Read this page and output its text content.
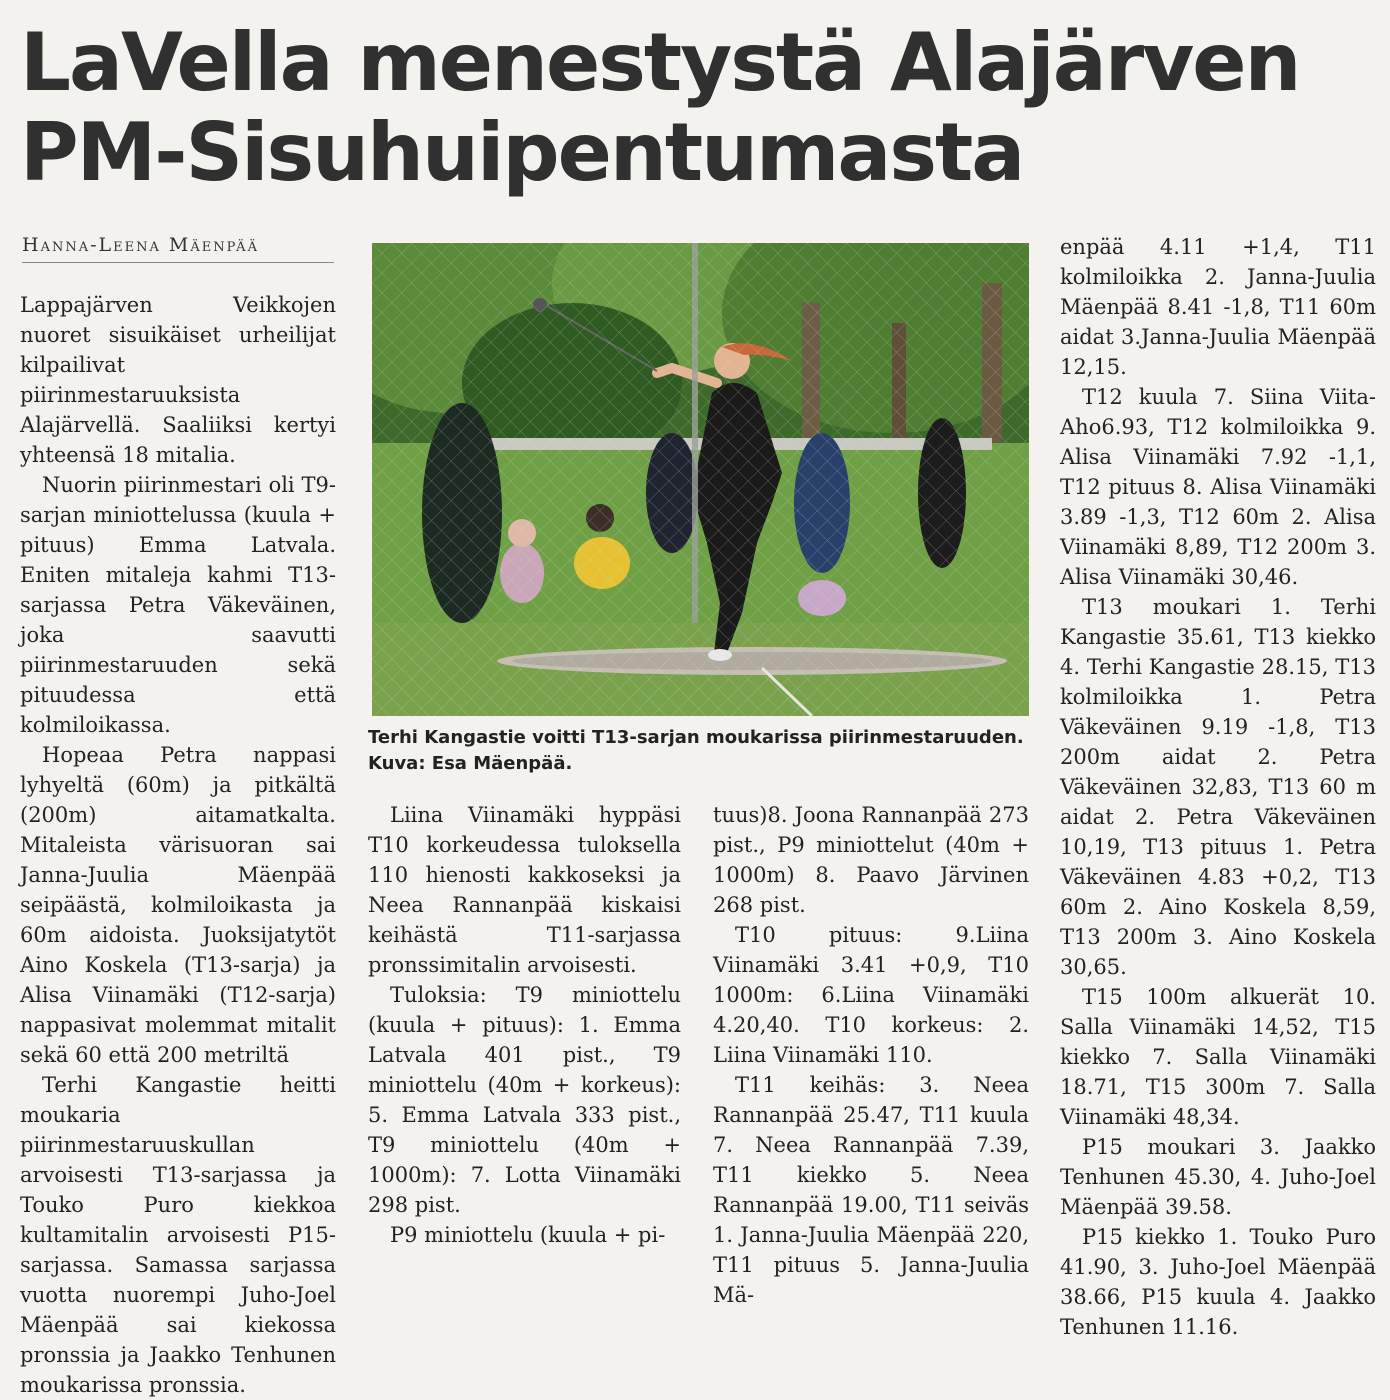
LaVella menestystä Alajärven
PM-Sisuhuipentumasta
Hanna-Leena Mäenpää

Lappajärven Veikkojen nuoret sisuikäiset urheilijat kilpailivat piirinmestaruuksista Alajärvellä. Saaliiksi kertyi yhteensä 18 mitalia.

Nuorin piirinmestari oli T9-sarjan miniottelussa (kuula + pituus) Emma Latvala. Eniten mitaleja kahmi T13-sarjassa Petra Väkeväinen, joka saavutti piirinmestaruuden sekä pituudessa että kolmiloikassa.

Hopeaa Petra nappasi lyhyeltä (60m) ja pitkältä (200m) aitamatkalta. Mitaleista värisuoran sai Janna-Juulia Mäenpää seipäästä, kolmiloikasta ja 60m aidoista. Juoksijatytöt Aino Koskela (T13-sarja) ja Alisa Viinamäki (T12-sarja) nappasivat molemmat mitalit sekä 60 että 200 metriltä

Terhi Kangastie heitti moukaria piirinmestaruuskullan arvoisesti T13-sarjassa ja Touko Puro kiekkoa kultamitalin arvoisesti P15-sarjassa. Samassa sarjassa vuotta nuorempi Juho-Joel Mäenpää sai kiekossa pronssia ja Jaakko Tenhunen moukarissa pronssia.

Terhi Kangastie voitti T13-sarjan moukarissa piirinmestaruuden.
Kuva: Esa Mäenpää.

Liina Viinamäki hyppäsi T10 korkeudessa tuloksella 110 hienosti kakkoseksi ja Neea Rannanpää kiskaisi keihästä T11-sarjassa pronssimitalin arvoisesti.

Tuloksia: T9 miniottelu (kuula + pituus): 1. Emma Latvala 401 pist., T9 miniottelu (40m + korkeus): 5. Emma Latvala 333 pist., T9 miniottelu (40m + 1000m): 7. Lotta Viinamäki 298 pist.

P9 miniottelu (kuula + pi-

tuus)8. Joona Rannanpää 273 pist., P9 miniottelut (40m + 1000m) 8. Paavo Järvinen 268 pist.

T10 pituus: 9.Liina Viinamäki 3.41 +0,9, T10 1000m: 6.Liina Viinamäki 4.20,40. T10 korkeus: 2. Liina Viinamäki 110.

T11 keihäs: 3. Neea Rannanpää 25.47, T11 kuula 7. Neea Rannanpää 7.39, T11 kiekko 5. Neea Rannanpää 19.00, T11 seiväs 1. Janna-Juulia Mäenpää 220, T11 pituus 5. Janna-Juulia Mä-

enpää 4.11 +1,4, T11 kolmiloikka 2. Janna-Juulia Mäenpää 8.41 -1,8, T11 60m aidat 3.Janna-Juulia Mäenpää 12,15.

T12 kuula 7. Siina Viita-Aho6.93, T12 kolmiloikka 9. Alisa Viinamäki 7.92 -1,1, T12 pituus 8. Alisa Viinamäki 3.89 -1,3, T12 60m 2. Alisa Viinamäki 8,89, T12 200m 3. Alisa Viinamäki 30,46.

T13 moukari 1. Terhi Kangastie 35.61, T13 kiekko 4. Terhi Kangastie 28.15, T13 kolmiloikka 1. Petra Väkeväinen 9.19 -1,8, T13 200m aidat 2. Petra Väkeväinen 32,83, T13 60 m aidat 2. Petra Väkeväinen 10,19, T13 pituus 1. Petra Väkeväinen 4.83 +0,2, T13 60m 2. Aino Koskela 8,59, T13 200m 3. Aino Koskela 30,65.

T15 100m alkuerät 10. Salla Viinamäki 14,52, T15 kiekko 7. Salla Viinamäki 18.71, T15 300m 7. Salla Viinamäki 48,34.

P15 moukari 3. Jaakko Tenhunen 45.30, 4. Juho-Joel Mäenpää 39.58.

P15 kiekko 1. Touko Puro 41.90, 3. Juho-Joel Mäenpää 38.66, P15 kuula 4. Jaakko Tenhunen 11.16.
